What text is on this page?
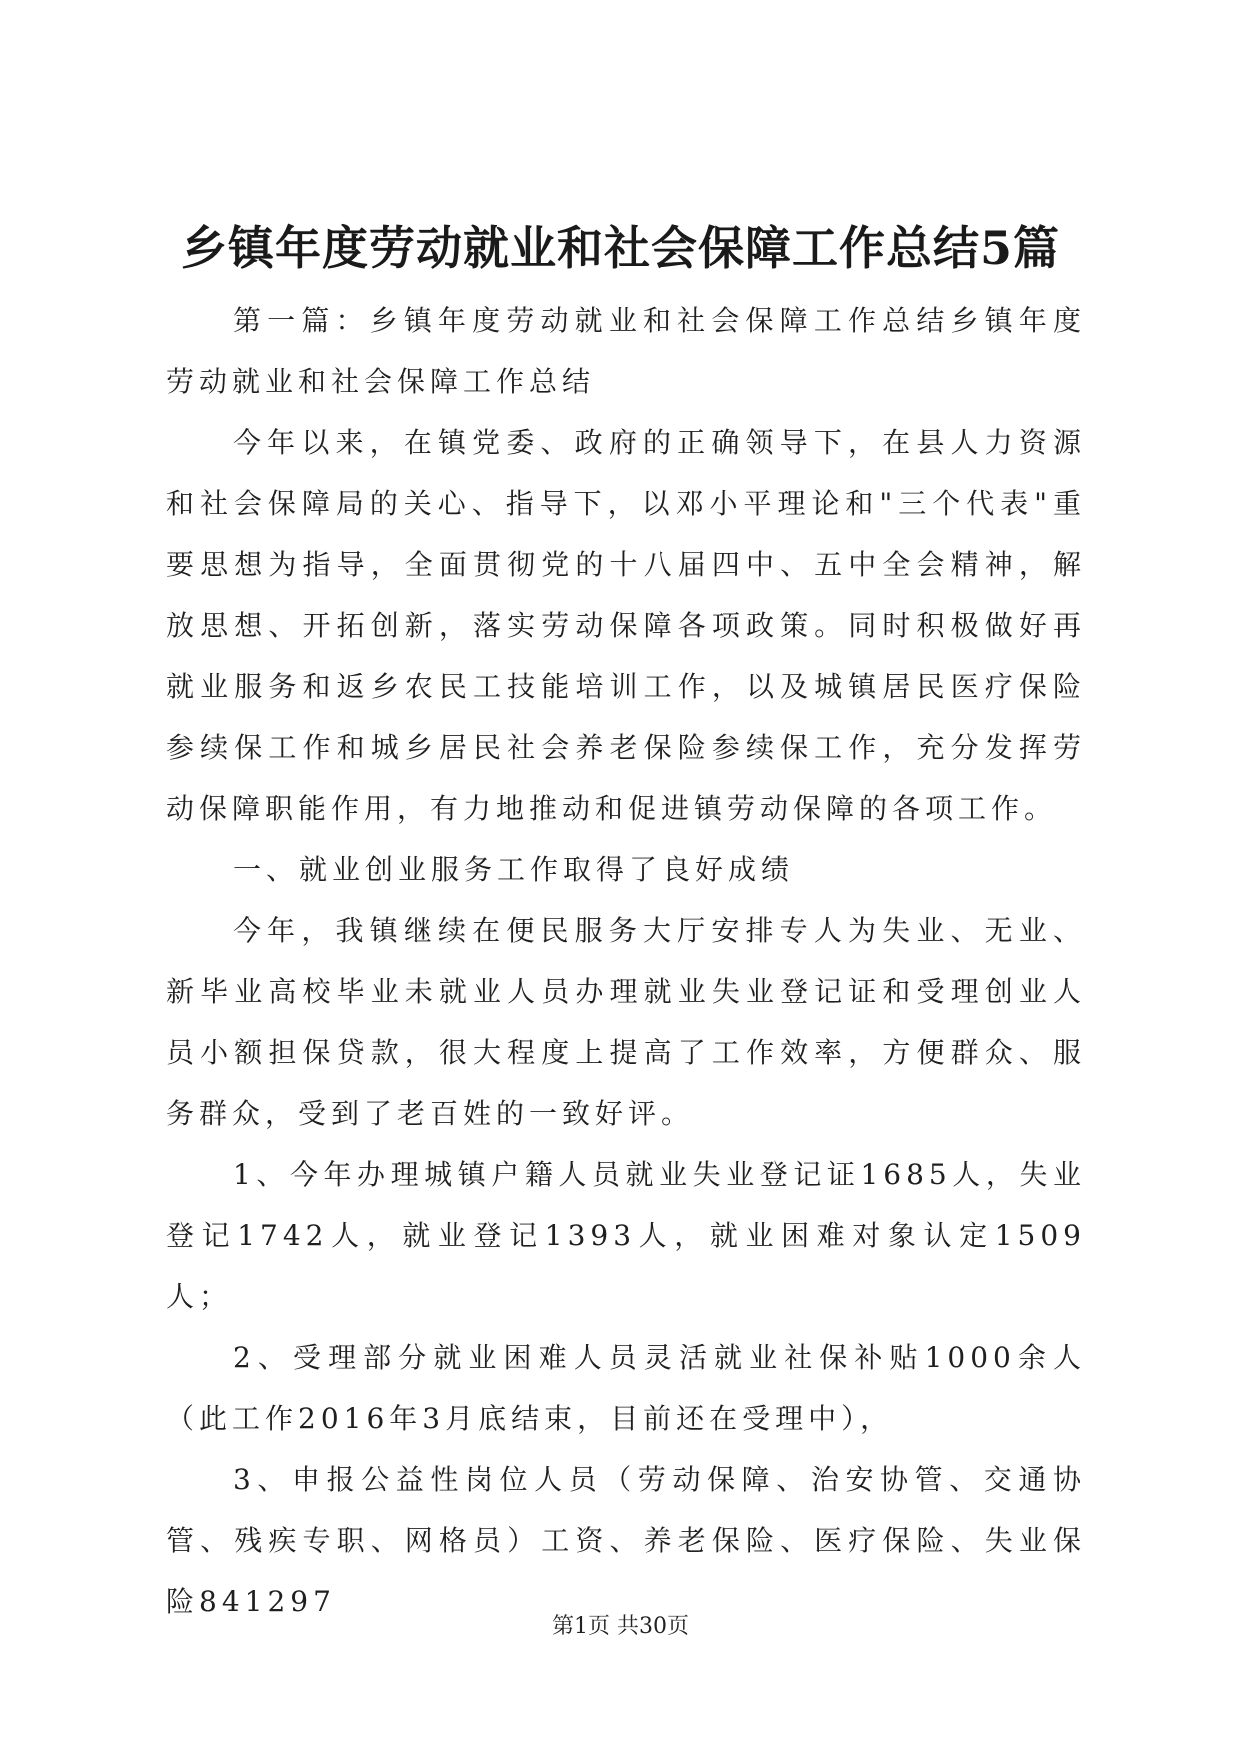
乡镇年度劳动就业和社会保障工作总结5篇

第一篇：乡镇年度劳动就业和社会保障工作总结乡镇年度劳动就业和社会保障工作总结

今年以来，在镇党委、政府的正确领导下，在县人力资源和社会保障局的关心、指导下，以邓小平理论和"三个代表"重要思想为指导，全面贯彻党的十八届四中、五中全会精神，解放思想、开拓创新，落实劳动保障各项政策。同时积极做好再就业服务和返乡农民工技能培训工作，以及城镇居民医疗保险参续保工作和城乡居民社会养老保险参续保工作，充分发挥劳动保障职能作用，有力地推动和促进镇劳动保障的各项工作。

一、就业创业服务工作取得了良好成绩

今年，我镇继续在便民服务大厅安排专人为失业、无业、新毕业高校毕业未就业人员办理就业失业登记证和受理创业人员小额担保贷款，很大程度上提高了工作效率，方便群众、服务群众，受到了老百姓的一致好评。

1、今年办理城镇户籍人员就业失业登记证1685人，失业登记1742人，就业登记1393人，就业困难对象认定1509人；

2、受理部分就业困难人员灵活就业社保补贴1000余人（此工作2016年3月底结束，目前还在受理中），

3、申报公益性岗位人员（劳动保障、治安协管、交通协管、残疾专职、网格员）工资、养老保险、医疗保险、失业保险841297

第1页 共30页
